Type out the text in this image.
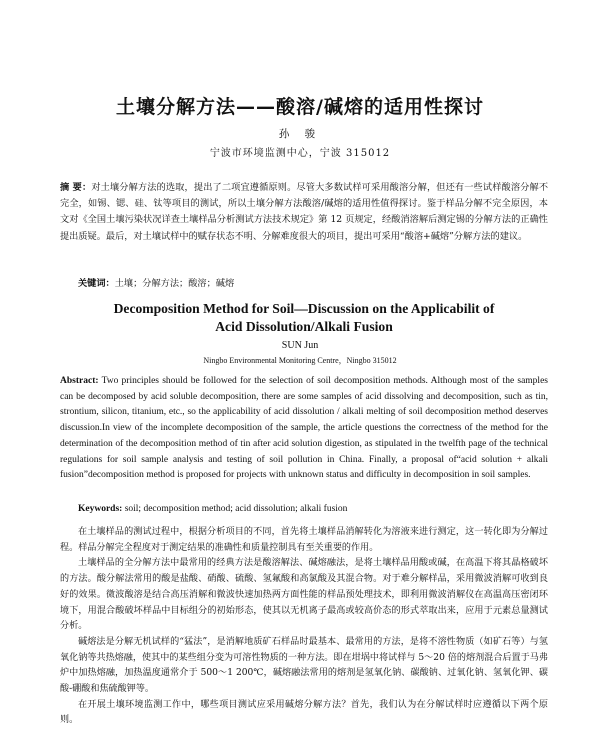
土壤分解方法——酸溶/碱熔的适用性探讨
孙 骏
宁波市环境监测中心，宁波 315012
摘 要：对土壤分解方法的选取，提出了二项宜遵循原则。尽管大多数试样可采用酸溶分解，但还有一些试样酸溶分解不完全，如锡、锶、硅、钛等项目的测试，所以土壤分解方法酸溶/碱熔的适用性值得探讨。鉴于样品分解不完全原因，本文对《全国土壤污染状况详查土壤样品分析测试方法技术规定》第 12 页规定，经酸消溶解后测定锡的分解方法的正确性提出质疑。最后，对土壤试样中的赋存状态不明、分解难度很大的项目，提出可采用“酸溶+碱熔”分解方法的建议。
关键词：土壤；分解方法；酸溶；碱熔
Decomposition Method for Soil—Discussion on the Applicabilit of
Acid Dissolution/Alkali Fusion
SUN Jun
Ningbo Environmental Monitoring Centre，Ningbo 315012
Abstract: Two principles should be followed for the selection of soil decomposition methods. Although most of the samples can be decomposed by acid soluble decomposition, there are some samples of acid dissolving and decomposition, such as tin, strontium, silicon, titanium, etc., so the applicability of acid dissolution / alkali melting of soil decomposition method deserves discussion.In view of the incomplete decomposition of the sample, the article questions the correctness of the method for the determination of the decomposition method of tin after acid solution digestion, as stipulated in the twelfth page of the technical regulations for soil sample analysis and testing of soil pollution in China. Finally, a proposal of“acid solution + alkali fusion”decomposition method is proposed for projects with unknown status and difficulty in decomposition in soil samples.
Keywords: soil; decomposition method; acid dissolution; alkali fusion

在土壤样品的测试过程中，根据分析项目的不同，首先将土壤样品消解转化为溶液来进行测定，这一转化即为分解过程。样品分解完全程度对于测定结果的准确性和质量控制具有至关重要的作用。

土壤样品的全分解方法中最常用的经典方法是酸溶解法、碱熔融法，是将土壤样品用酸或碱，在高温下将其晶格破坏的方法。酸分解法常用的酸是盐酸、硝酸、硫酸、氢氟酸和高氯酸及其混合物。对于难分解样品，采用微波消解可收到良好的效果。微波酸溶是结合高压消解和微波快速加热两方面性能的样品预处理技术，即利用微波消解仪在高温高压密闭环境下，用混合酸破坏样品中目标组分的初始形态，使其以无机离子最高或较高价态的形式萃取出来，应用于元素总量测试分析。

碱熔法是分解无机试样的“猛法”，是消解地质矿石样品时最基本、最常用的方法，是将不溶性物质（如矿石等）与氢氧化钠等共热熔融，使其中的某些组分变为可溶性物质的一种方法。即在坩埚中将试样与 5～20 倍的熔剂混合后置于马弗炉中加热熔融，加热温度通常介于 500～1 200℃，碱熔融法常用的熔剂是氢氧化钠、碳酸钠、过氧化钠、氢氧化钾、碳酸-硼酸和焦硫酸钾等。

在开展土壤环境监测工作中，哪些项目测试应采用碱熔分解方法？首先，我们认为在分解试样时应遵循以下两个原则。
